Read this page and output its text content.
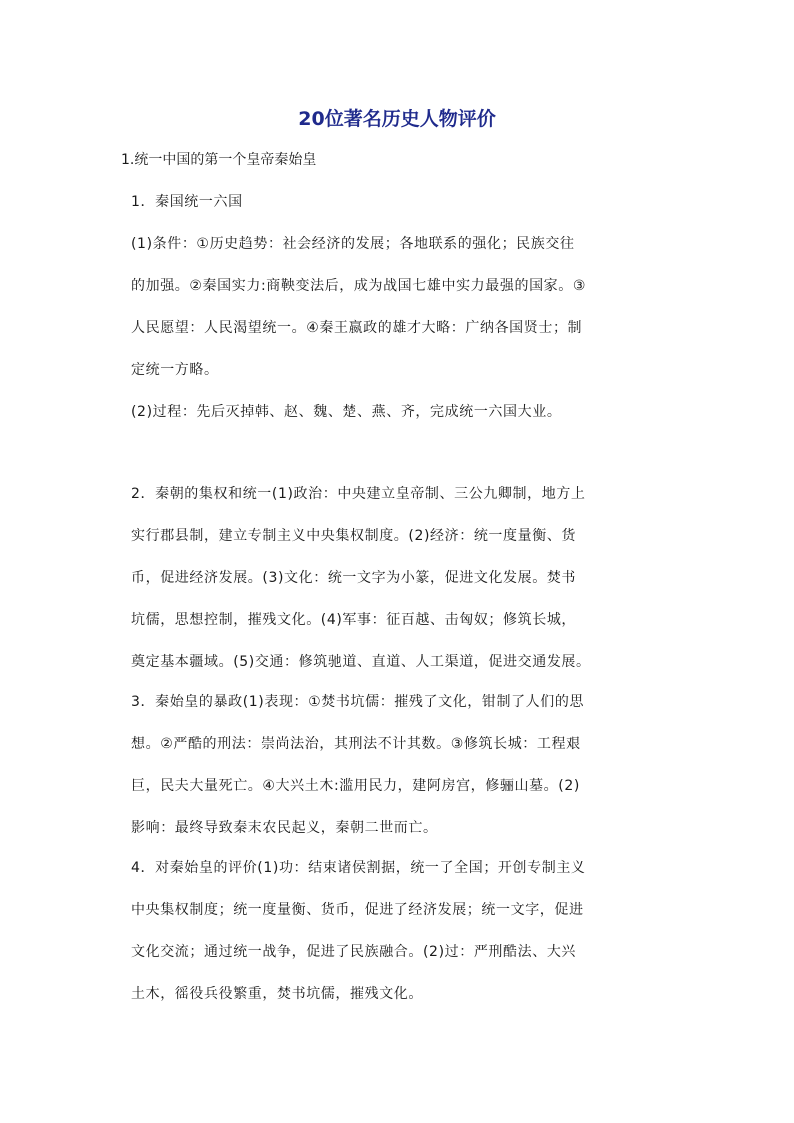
20位著名历史人物评价
1.统一中国的第一个皇帝秦始皇
1．秦国统一六国
(1)条件：①历史趋势：社会经济的发展；各地联系的强化；民族交往
的加强。②秦国实力:商鞅变法后，成为战国七雄中实力最强的国家。③
人民愿望：人民渴望统一。④秦王嬴政的雄才大略：广纳各国贤士；制
定统一方略。
(2)过程：先后灭掉韩、赵、魏、楚、燕、齐，完成统一六国大业。
2．秦朝的集权和统一(1)政治：中央建立皇帝制、三公九卿制，地方上
实行郡县制，建立专制主义中央集权制度。(2)经济：统一度量衡、货
币，促进经济发展。(3)文化：统一文字为小篆，促进文化发展。焚书
坑儒，思想控制，摧残文化。(4)军事：征百越、击匈奴；修筑长城，
奠定基本疆域。(5)交通：修筑驰道、直道、人工渠道，促进交通发展。
3．秦始皇的暴政(1)表现：①焚书坑儒：摧残了文化，钳制了人们的思
想。②严酷的刑法：崇尚法治，其刑法不计其数。③修筑长城：工程艰
巨，民夫大量死亡。④大兴土木:滥用民力，建阿房宫，修骊山墓。(2)
影响：最终导致秦末农民起义，秦朝二世而亡。
4．对秦始皇的评价(1)功：结束诸侯割据，统一了全国；开创专制主义
中央集权制度；统一度量衡、货币，促进了经济发展；统一文字，促进
文化交流；通过统一战争，促进了民族融合。(2)过：严刑酷法、大兴
土木，徭役兵役繁重，焚书坑儒，摧残文化。
